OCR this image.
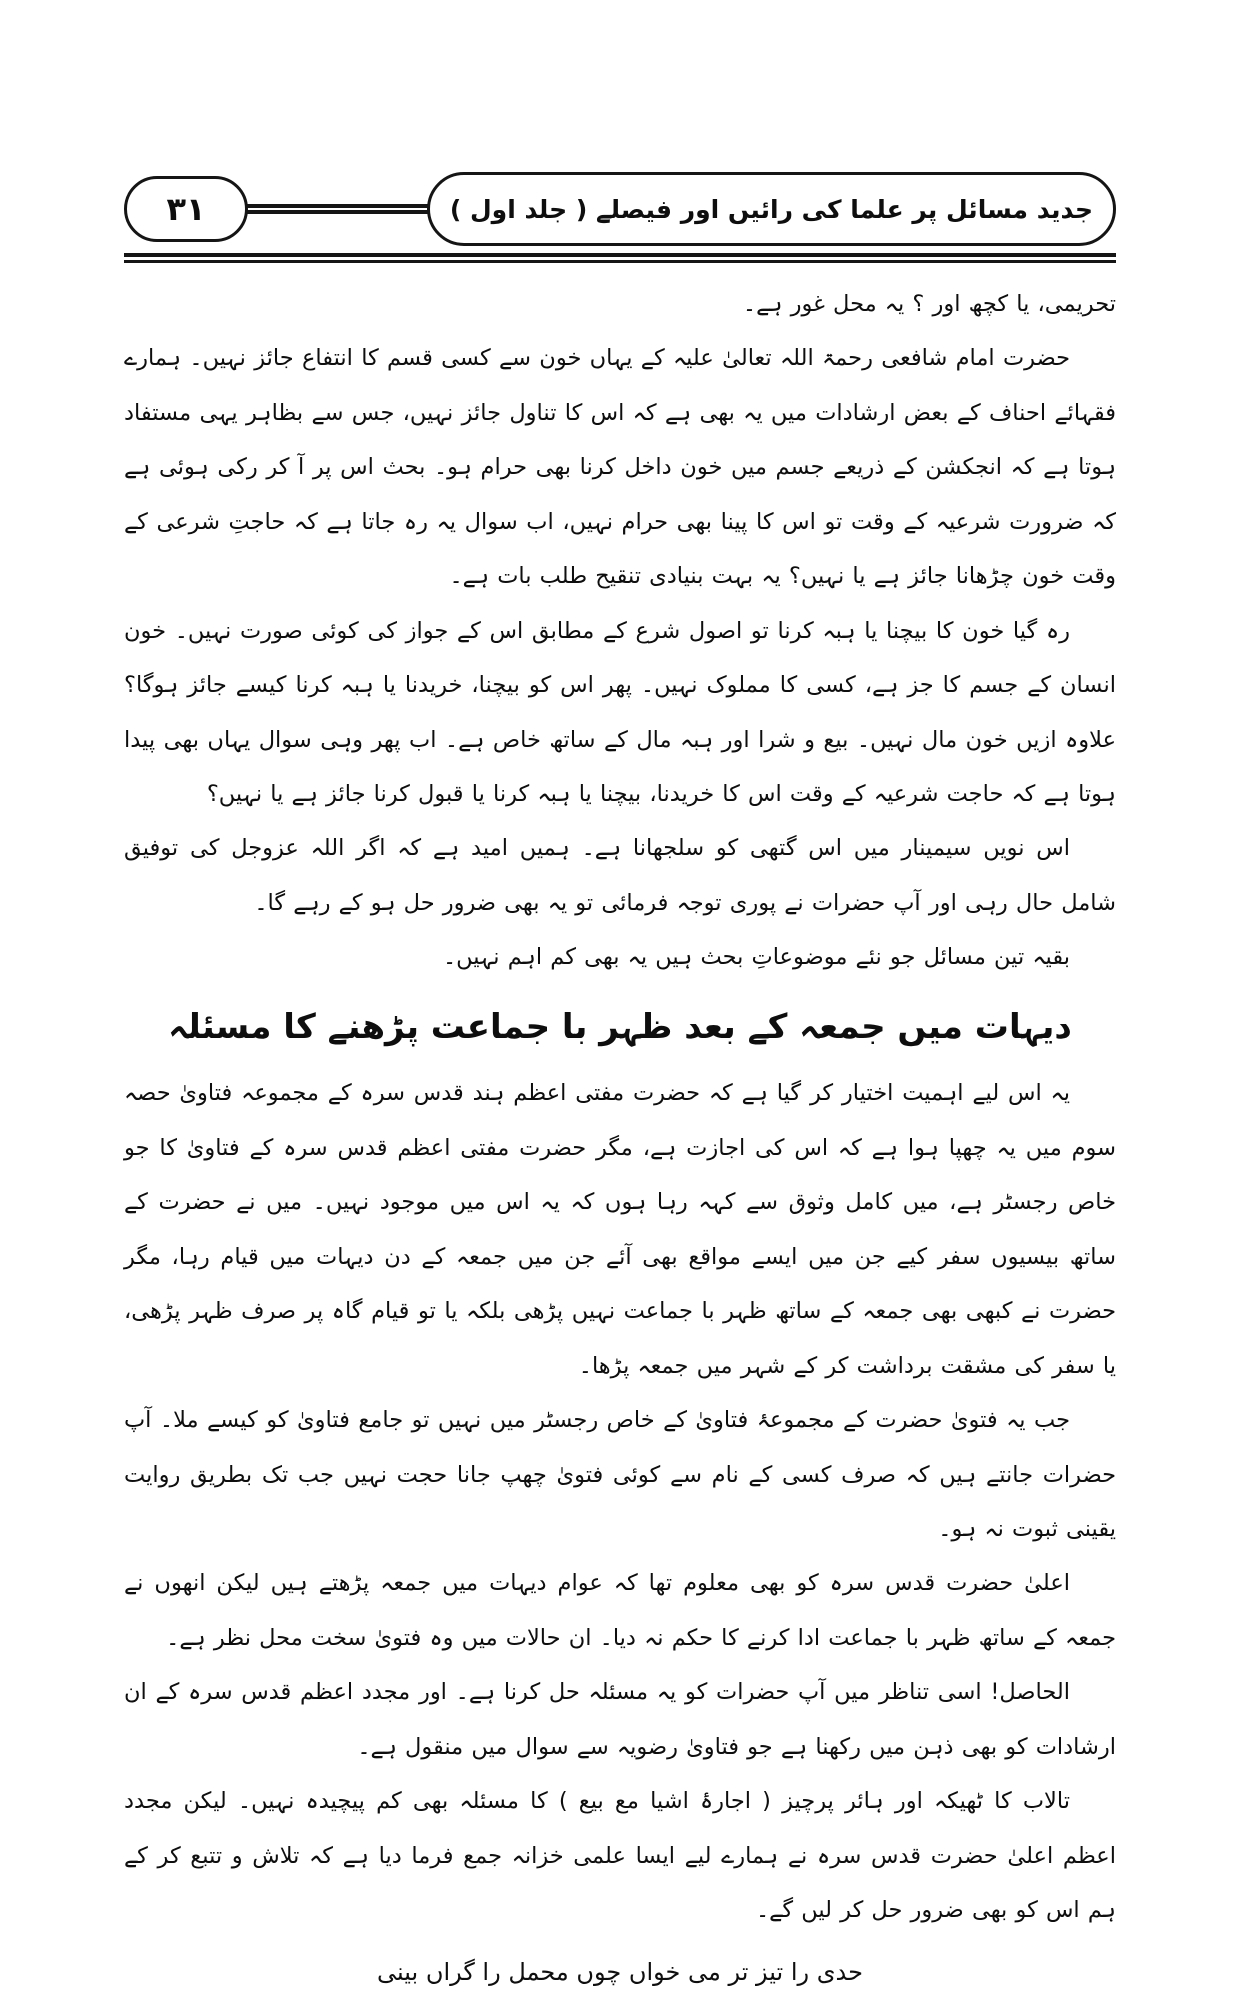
۳۱	جدید مسائل پر علما کی رائیں اور فیصلے ( جلد اول )

تحریمی، یا کچھ اور ؟ یہ محل غور ہے۔

حضرت امام شافعی رحمۃ اللہ تعالیٰ علیہ کے یہاں خون سے کسی قسم کا انتفاع جائز نہیں۔ ہمارے فقہائے احناف کے بعض ارشادات میں یہ بھی ہے کہ اس کا تناول جائز نہیں، جس سے بظاہر یہی مستفاد ہوتا ہے کہ انجکشن کے ذریعے جسم میں خون داخل کرنا بھی حرام ہو۔ بحث اس پر آ کر رکی ہوئی ہے کہ ضرورت شرعیہ کے وقت تو اس کا پینا بھی حرام نہیں، اب سوال یہ رہ جاتا ہے کہ حاجتِ شرعی کے وقت خون چڑھانا جائز ہے یا نہیں؟ یہ بہت بنیادی تنقیح طلب بات ہے۔

رہ گیا خون کا بیچنا یا ہبہ کرنا تو اصول شرع کے مطابق اس کے جواز کی کوئی صورت نہیں۔ خون انسان کے جسم کا جز ہے، کسی کا مملوک نہیں۔ پھر اس کو بیچنا، خریدنا یا ہبہ کرنا کیسے جائز ہوگا؟ علاوہ ازیں خون مال نہیں۔ بیع و شرا اور ہبہ مال کے ساتھ خاص ہے۔ اب پھر وہی سوال یہاں بھی پیدا ہوتا ہے کہ حاجت شرعیہ کے وقت اس کا خریدنا، بیچنا یا ہبہ کرنا یا قبول کرنا جائز ہے یا نہیں؟

اس نویں سیمینار میں اس گتھی کو سلجھانا ہے۔ ہمیں امید ہے کہ اگر اللہ عزوجل کی توفیق شامل حال رہی اور آپ حضرات نے پوری توجہ فرمائی تو یہ بھی ضرور حل ہو کے رہے گا۔

بقیہ تین مسائل جو نئے موضوعاتِ بحث ہیں یہ بھی کم اہم نہیں۔

دیہات میں جمعہ کے بعد ظہر با جماعت پڑھنے کا مسئلہ

یہ اس لیے اہمیت اختیار کر گیا ہے کہ حضرت مفتی اعظم ہند قدس سرہ کے مجموعہ فتاویٰ حصہ سوم میں یہ چھپا ہوا ہے کہ اس کی اجازت ہے، مگر حضرت مفتی اعظم قدس سرہ کے فتاویٰ کا جو خاص رجسٹر ہے، میں کامل وثوق سے کہہ رہا ہوں کہ یہ اس میں موجود نہیں۔ میں نے حضرت کے ساتھ بیسیوں سفر کیے جن میں ایسے مواقع بھی آئے جن میں جمعہ کے دن دیہات میں قیام رہا، مگر حضرت نے کبھی بھی جمعہ کے ساتھ ظہر با جماعت نہیں پڑھی بلکہ یا تو قیام گاہ پر صرف ظہر پڑھی، یا سفر کی مشقت برداشت کر کے شہر میں جمعہ پڑھا۔

جب یہ فتویٰ حضرت کے مجموعۂ فتاویٰ کے خاص رجسٹر میں نہیں تو جامع فتاویٰ کو کیسے ملا۔ آپ حضرات جانتے ہیں کہ صرف کسی کے نام سے کوئی فتویٰ چھپ جانا حجت نہیں جب تک بطریق روایت یقینی ثبوت نہ ہو۔

اعلیٰ حضرت قدس سرہ کو بھی معلوم تھا کہ عوام دیہات میں جمعہ پڑھتے ہیں لیکن انھوں نے جمعہ کے ساتھ ظہر با جماعت ادا کرنے کا حکم نہ دیا۔ ان حالات میں وہ فتویٰ سخت محل نظر ہے۔

الحاصل! اسی تناظر میں آپ حضرات کو یہ مسئلہ حل کرنا ہے۔ اور مجدد اعظم قدس سرہ کے ان ارشادات کو بھی ذہن میں رکھنا ہے جو فتاویٰ رضویہ سے سوال میں منقول ہے۔

تالاب کا ٹھیکہ اور ہائر پرچیز ( اجارۂ اشیا مع بیع ) کا مسئلہ بھی کم پیچیدہ نہیں۔ لیکن مجدد اعظم اعلیٰ حضرت قدس سرہ نے ہمارے لیے ایسا علمی خزانہ جمع فرما دیا ہے کہ تلاش و تتبع کر کے ہم اس کو بھی ضرور حل کر لیں گے۔

حدی را تیز تر می خواں چوں محمل را گراں بینی
